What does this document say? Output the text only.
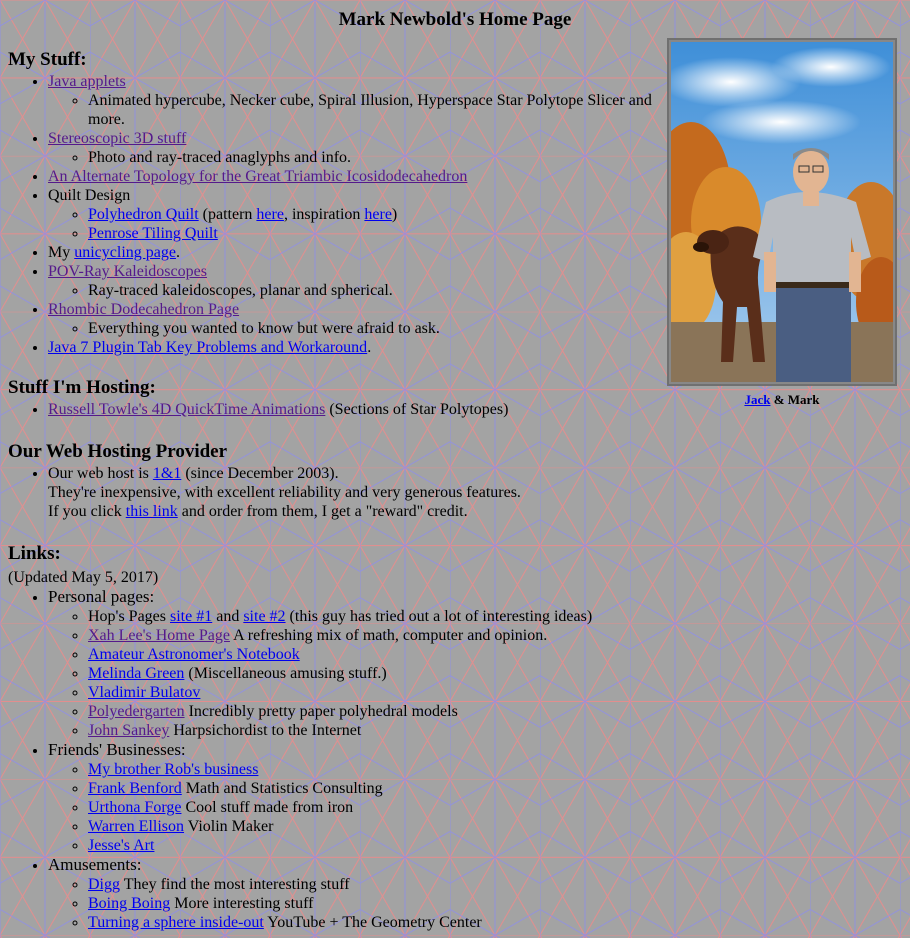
Mark Newbold's Home Page
My Stuff:
• Java applets
◦ Animated hypercube, Necker cube, Spiral Illusion, Hyperspace Star Polytope Slicer and more.
• Stereoscopic 3D stuff
◦ Photo and ray-traced anaglyphs and info.
• An Alternate Topology for the Great Triambic Icosidodecahedron
• Quilt Design
◦ Polyhedron Quilt (pattern here, inspiration here)
◦ Penrose Tiling Quilt
• My unicycling page.
• POV-Ray Kaleidoscopes
◦ Ray-traced kaleidoscopes, planar and spherical.
• Rhombic Dodecahedron Page
◦ Everything you wanted to know but were afraid to ask.
• Java 7 Plugin Tab Key Problems and Workaround.
Stuff I'm Hosting:
• Russell Towle's 4D QuickTime Animations (Sections of Star Polytopes)
Our Web Hosting Provider
• Our web host is 1&1 (since December 2003).
They're inexpensive, with excellent reliability and very generous features.
If you click this link and order from them, I get a "reward" credit.
Links:
(Updated May 5, 2017)
• Personal pages:
◦ Hop's Pages site #1 and site #2 (this guy has tried out a lot of interesting ideas)
◦ Xah Lee's Home Page A refreshing mix of math, computer and opinion.
◦ Amateur Astronomer's Notebook
◦ Melinda Green (Miscellaneous amusing stuff.)
◦ Vladimir Bulatov
◦ Polyedergarten Incredibly pretty paper polyhedral models
◦ John Sankey Harpsichordist to the Internet
• Friends' Businesses:
◦ My brother Rob's business
◦ Frank Benford Math and Statistics Consulting
◦ Urthona Forge Cool stuff made from iron
◦ Warren Ellison Violin Maker
◦ Jesse's Art
• Amusements:
◦ Digg They find the most interesting stuff
◦ Boing Boing More interesting stuff
◦ Turning a sphere inside-out YouTube + The Geometry Center
Jack & Mark
